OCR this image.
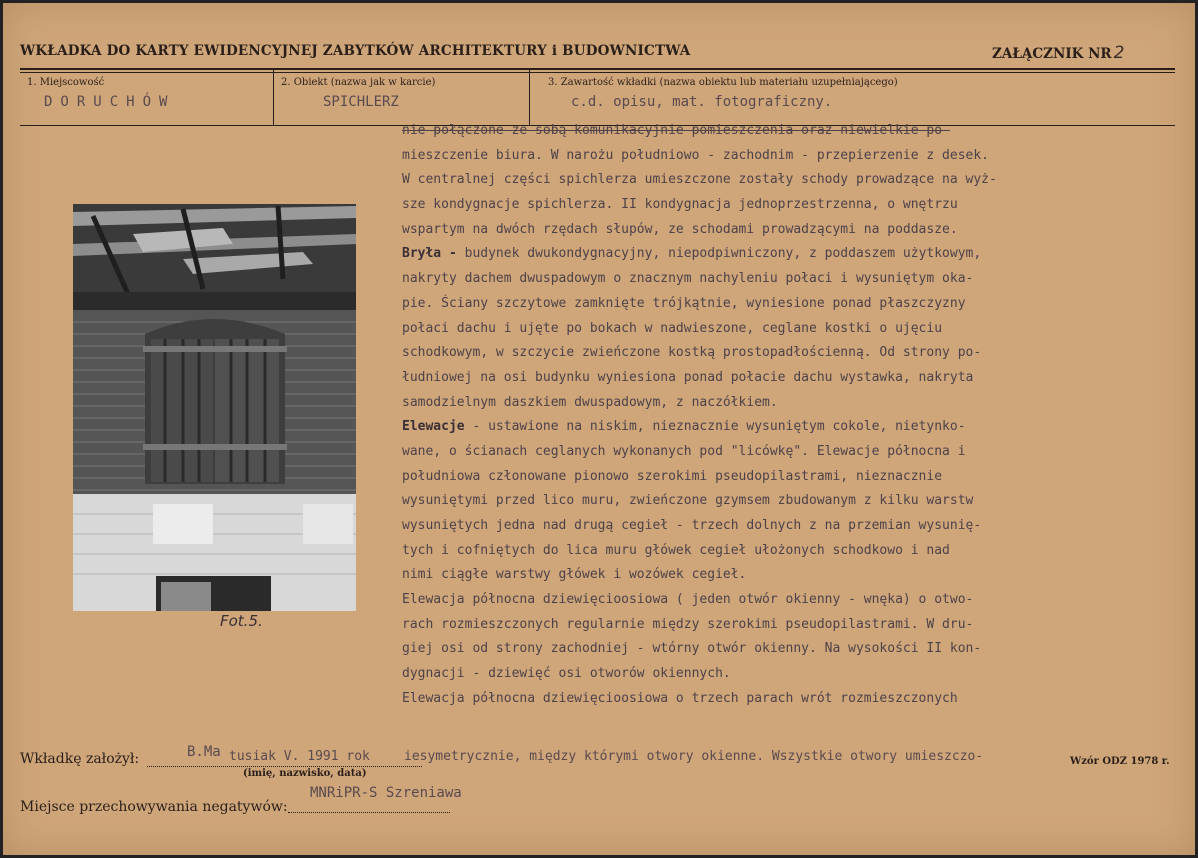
WKŁADKA DO KARTY EWIDENCYJNEJ ZABYTKÓW ARCHITEKTURY i BUDOWNICTWA	ZAŁĄCZNIK NR 2
1. Miejscowość	2. Obiekt (nazwa jak w karcie)	3. Zawartość wkładki (nazwa obiektu lub materiału uzupełniającego)
DORUCHÓW	SPICHLERZ	c.d. opisu, mat. fotograficzny.
Fot.5.
nie połączone ze sobą komunikacyjnie pomieszczenia oraz niewielkie po-
mieszczenie biura. W narożu południowo - zachodnim - przepierzenie z desek.
W centralnej części spichlerza umieszczone zostały schody prowadzące na wyż-
sze kondygnacje spichlerza. II kondygnacja jednoprzestrzenna, o wnętrzu
wspartym na dwóch rzędach słupów, ze schodami prowadzącymi na poddasze.
Bryła - budynek dwukondygnacyjny, niepodpiwniczony, z poddaszem użytkowym,
nakryty dachem dwuspadowym o znacznym nachyleniu połaci i wysuniętym oka-
pie. Ściany szczytowe zamknięte trójkątnie, wyniesione ponad płaszczyzny
połaci dachu i ujęte po bokach w nadwieszone, ceglane kostki o ujęciu
schodkowym, w szczycie zwieńczone kostką prostopadłościenną. Od strony po-
łudniowej na osi budynku wyniesiona ponad połacie dachu wystawka, nakryta
samodzielnym daszkiem dwuspadowym, z naczółkiem.
Elewacje - ustawione na niskim, nieznacznie wysuniętym cokole, nietynko-
wane, o ścianach ceglanych wykonanych pod "licówkę". Elewacje północna i
południowa członowane pionowo szerokimi pseudopilastrami, nieznacznie
wysuniętymi przed lico muru, zwieńczone gzymsem zbudowanym z kilku warstw
wysuniętych jedna nad drugą cegieł - trzech dolnych z na przemian wysunię-
tych i cofniętych do lica muru główek cegieł ułożonych schodkowo i nad
nimi ciągłe warstwy główek i wozówek cegieł.
Elewacja północna dziewięcioosiowa ( jeden otwór okienny - wnęka) o otwo-
rach rozmieszczonych regularnie między szerokimi pseudopilastrami. W dru-
giej osi od strony zachodniej - wtórny otwór okienny. Na wysokości II kon-
dygnacji - dziewięć osi otworów okiennych.
Elewacja północna dziewięcioosiowa o trzech parach wrót rozmieszczonych
Wkładkę założył:	B.Ma tusiak V. 1991 rok	iesymetrycznie, między którymi otwory okienne. Wszystkie otwory umieszczo-
(imię, nazwisko, data)
Wzór ODZ 1978 r.
Miejsce przechowywania negatywów:
MNRiPR-S Szreniawa
